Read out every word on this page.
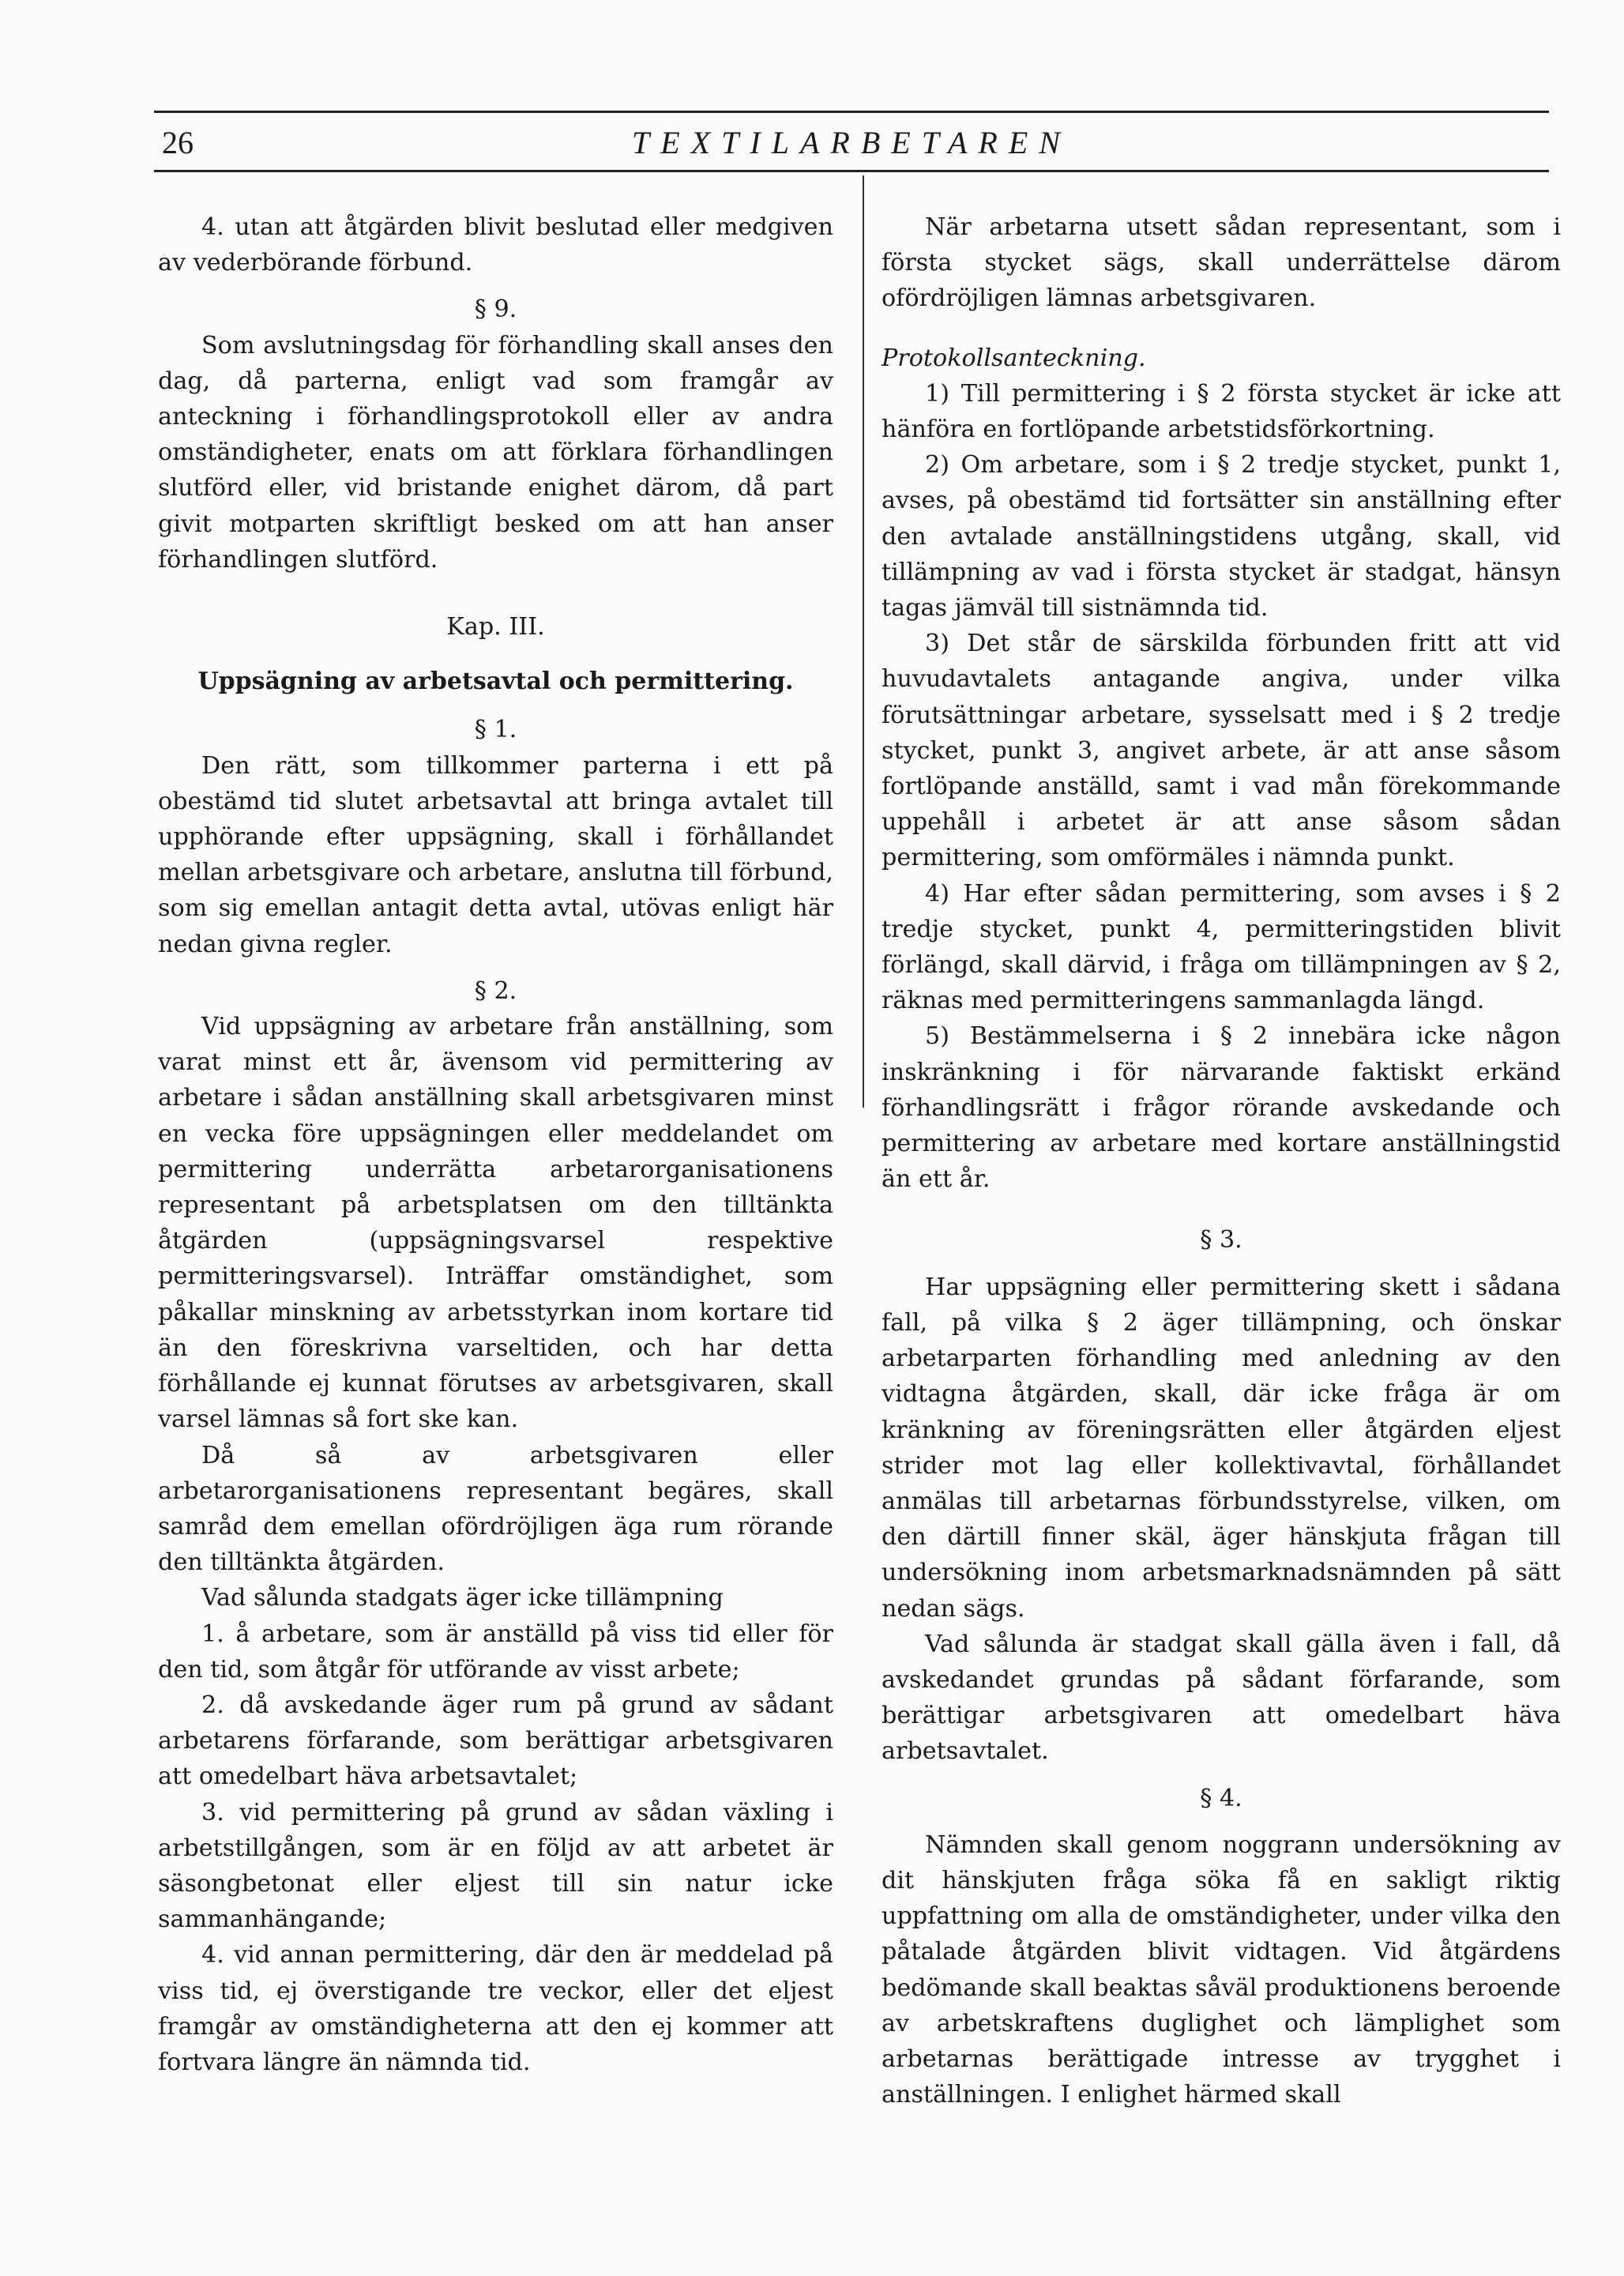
26	TEXTILARBETAREN

4. utan att åtgärden blivit beslutad eller medgiven av vederbörande förbund.

§ 9.

Som avslutningsdag för förhandling skall anses den dag, då parterna, enligt vad som framgår av anteckning i förhandlingsprotokoll eller av andra omständigheter, enats om att förklara förhandlingen slutförd eller, vid bristande enighet därom, då part givit motparten skriftligt besked om att han anser förhandlingen slutförd.

Kap. III.
Uppsägning av arbetsavtal och permittering.
§ 1.

Den rätt, som tillkommer parterna i ett på obestämd tid slutet arbetsavtal att bringa avtalet till upphörande efter uppsägning, skall i förhållandet mellan arbetsgivare och arbetare, anslutna till förbund, som sig emellan antagit detta avtal, utövas enligt här nedan givna regler.

§ 2.

Vid uppsägning av arbetare från anställning, som varat minst ett år, ävensom vid permittering av arbetare i sådan anställning skall arbetsgivaren minst en vecka före uppsägningen eller meddelandet om permittering underrätta arbetarorganisationens representant på arbetsplatsen om den tilltänkta åtgärden (uppsägningsvarsel respektive permitteringsvarsel). Inträffar omständighet, som påkallar minskning av arbetsstyrkan inom kortare tid än den föreskrivna varseltiden, och har detta förhållande ej kunnat förutses av arbetsgivaren, skall varsel lämnas så fort ske kan.

Då så av arbetsgivaren eller arbetarorganisationens representant begäres, skall samråd dem emellan ofördröjligen äga rum rörande den tilltänkta åtgärden.

Vad sålunda stadgats äger icke tillämpning

1. å arbetare, som är anställd på viss tid eller för den tid, som åtgår för utförande av visst arbete;

2. då avskedande äger rum på grund av sådant arbetarens förfarande, som berättigar arbetsgivaren att omedelbart häva arbetsavtalet;

3. vid permittering på grund av sådan växling i arbetstillgången, som är en följd av att arbetet är säsongbetonat eller eljest till sin natur icke sammanhängande;

4. vid annan permittering, där den är meddelad på viss tid, ej överstigande tre veckor, eller det eljest framgår av omständigheterna att den ej kommer att fortvara längre än nämnda tid.

När arbetarna utsett sådan representant, som i första stycket sägs, skall underrättelse därom ofördröjligen lämnas arbetsgivaren.

Protokollsanteckning.

1) Till permittering i § 2 första stycket är icke att hänföra en fortlöpande arbetstidsförkortning.

2) Om arbetare, som i § 2 tredje stycket, punkt 1, avses, på obestämd tid fortsätter sin anställning efter den avtalade anställningstidens utgång, skall, vid tillämpning av vad i första stycket är stadgat, hänsyn tagas jämväl till sistnämnda tid.

3) Det står de särskilda förbunden fritt att vid huvudavtalets antagande angiva, under vilka förutsättningar arbetare, sysselsatt med i § 2 tredje stycket, punkt 3, angivet arbete, är att anse såsom fortlöpande anställd, samt i vad mån förekommande uppehåll i arbetet är att anse såsom sådan permittering, som omförmäles i nämnda punkt.

4) Har efter sådan permittering, som avses i § 2 tredje stycket, punkt 4, permitteringstiden blivit förlängd, skall därvid, i fråga om tillämpningen av § 2, räknas med permitteringens sammanlagda längd.

5) Bestämmelserna i § 2 innebära icke någon inskränkning i för närvarande faktiskt erkänd förhandlingsrätt i frågor rörande avskedande och permittering av arbetare med kortare anställningstid än ett år.

§ 3.

Har uppsägning eller permittering skett i sådana fall, på vilka § 2 äger tillämpning, och önskar arbetarparten förhandling med anledning av den vidtagna åtgärden, skall, där icke fråga är om kränkning av föreningsrätten eller åtgärden eljest strider mot lag eller kollektivavtal, förhållandet anmälas till arbetarnas förbundsstyrelse, vilken, om den därtill finner skäl, äger hänskjuta frågan till undersökning inom arbetsmarknadsnämnden på sätt nedan sägs.

Vad sålunda är stadgat skall gälla även i fall, då avskedandet grundas på sådant förfarande, som berättigar arbetsgivaren att omedelbart häva arbetsavtalet.

§ 4.

Nämnden skall genom noggrann undersökning av dit hänskjuten fråga söka få en sakligt riktig uppfattning om alla de omständigheter, under vilka den påtalade åtgärden blivit vidtagen. Vid åtgärdens bedömande skall beaktas såväl produktionens beroende av arbetskraftens duglighet och lämplighet som arbetarnas berättigade intresse av trygghet i anställningen. I enlighet härmed skall
